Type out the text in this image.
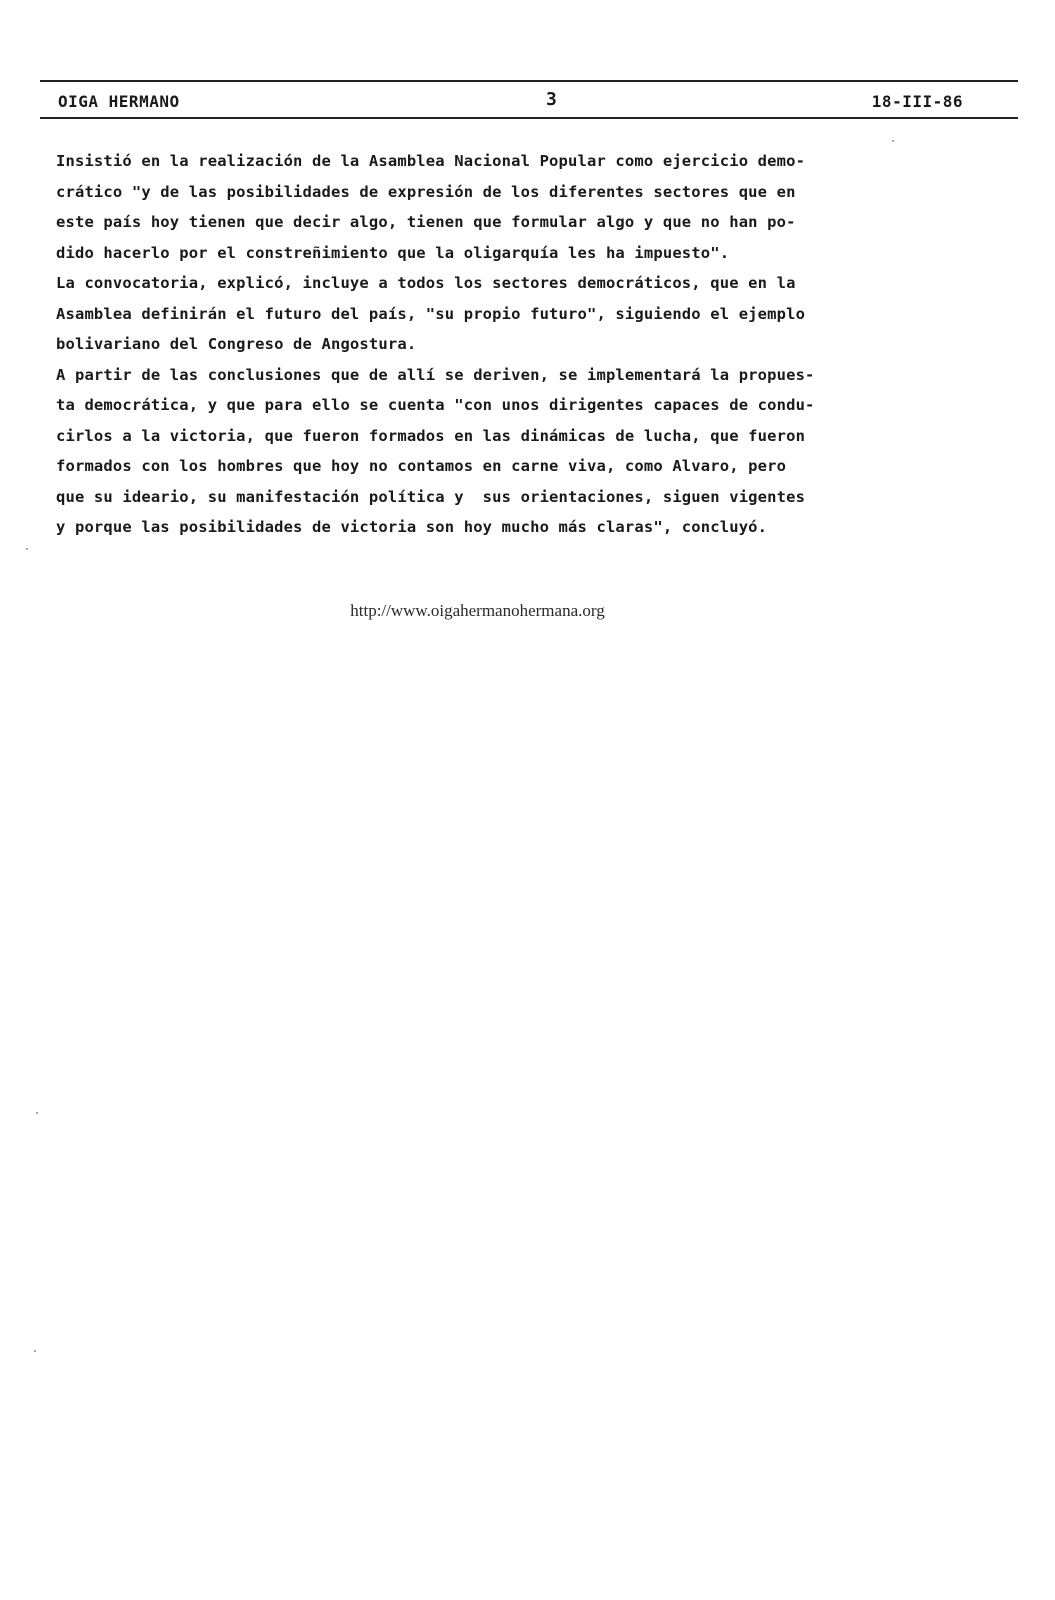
OIGA HERMANO	3	18-III-86
Insistió en la realización de la Asamblea Nacional Popular como ejercicio demo-
crático "y de las posibilidades de expresión de los diferentes sectores que en
este país hoy tienen que decir algo, tienen que formular algo y que no han po-
dido hacerlo por el constreñimiento que la oligarquía les ha impuesto".
La convocatoria, explicó, incluye a todos los sectores democráticos, que en la
Asamblea definirán el futuro del país, "su propio futuro", siguiendo el ejemplo
bolivariano del Congreso de Angostura.
A partir de las conclusiones que de allí se deriven, se implementará la propues-
ta democrática, y que para ello se cuenta "con unos dirigentes capaces de condu-
cirlos a la victoria, que fueron formados en las dinámicas de lucha, que fueron
formados con los hombres que hoy no contamos en carne viva, como Alvaro, pero
que su ideario, su manifestación política y  sus orientaciones, siguen vigentes
y porque las posibilidades de victoria son hoy mucho más claras", concluyó.
http://www.oigahermanohermana.org
